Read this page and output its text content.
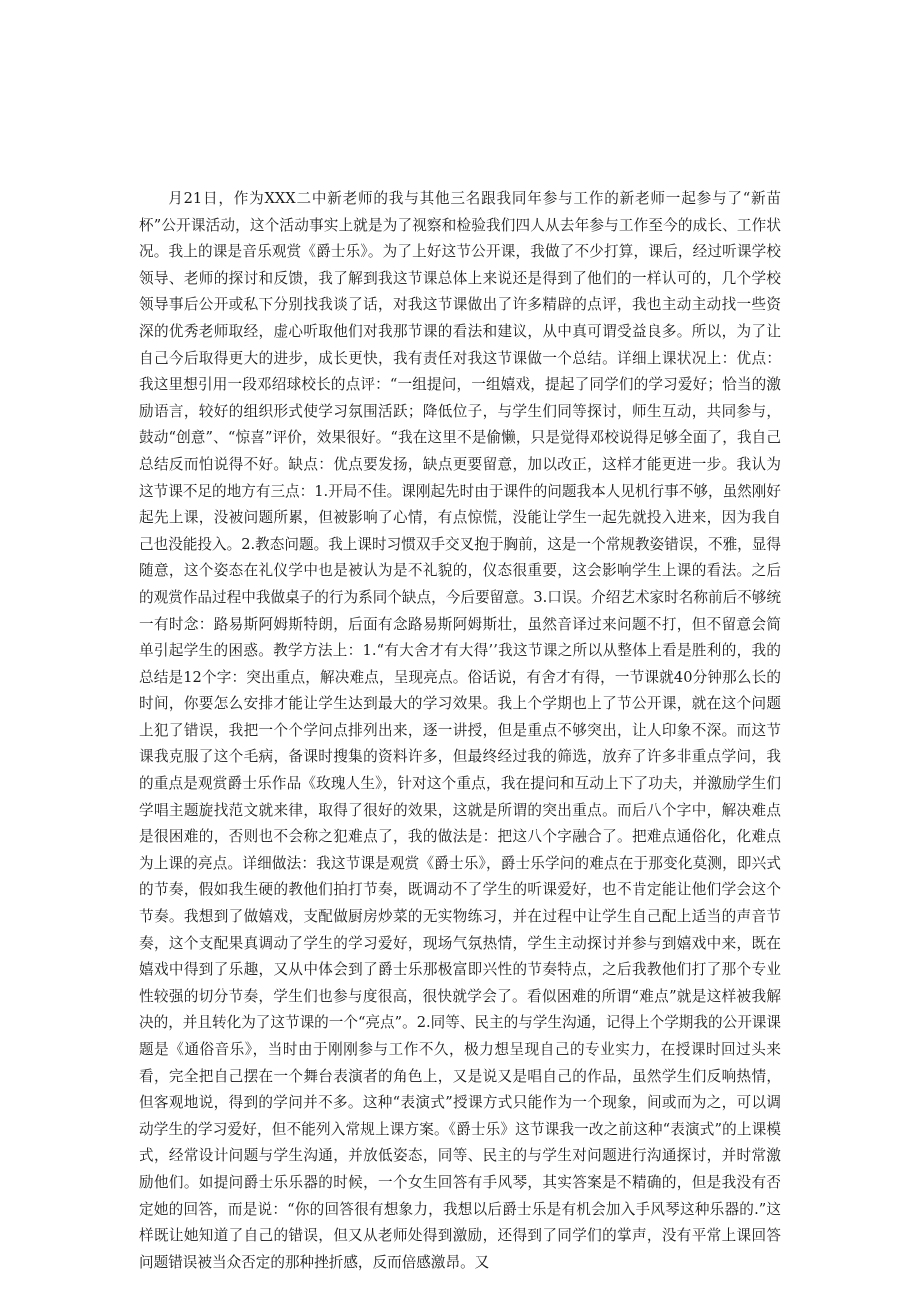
月21日，作为XXX二中新老师的我与其他三名跟我同年参与工作的新老师一起参与了“新苗杯”公开课活动，这个活动事实上就是为了视察和检验我们四人从去年参与工作至今的成长、工作状况。我上的课是音乐观赏《爵士乐》。为了上好这节公开课，我做了不少打算，课后，经过听课学校领导、老师的探讨和反馈，我了解到我这节课总体上来说还是得到了他们的一样认可的，几个学校领导事后公开或私下分别找我谈了话，对我这节课做出了许多精辟的点评，我也主动主动找一些资深的优秀老师取经，虚心听取他们对我那节课的看法和建议，从中真可谓受益良多。所以，为了让自己今后取得更大的进步，成长更快，我有责任对我这节课做一个总结。详细上课状况上：优点：我这里想引用一段邓绍球校长的点评：“一组提问，一组嬉戏，提起了同学们的学习爱好；恰当的激励语言，较好的组织形式使学习氛围活跃；降低位子，与学生们同等探讨，师生互动，共同参与，鼓动“创意”、“惊喜”评价，效果很好。“我在这里不是偷懒，只是觉得邓校说得足够全面了，我自己总结反而怕说得不好。缺点：优点要发扬，缺点更要留意，加以改正，这样才能更进一步。我认为这节课不足的地方有三点：1.开局不佳。课刚起先时由于课件的问题我本人见机行事不够，虽然刚好起先上课，没被问题所累，但被影响了心情，有点惊慌，没能让学生一起先就投入进来，因为我自己也没能投入。2.教态问题。我上课时习惯双手交叉抱于胸前，这是一个常规教姿错误，不雅，显得随意，这个姿态在礼仪学中也是被认为是不礼貌的，仪态很重要，这会影响学生上课的看法。之后的观赏作品过程中我做桌子的行为系同个缺点，今后要留意。3.口误。介绍艺术家时名称前后不够统一有时念：路易斯阿姆斯特朗，后面有念路易斯阿姆斯壮，虽然音译过来问题不打，但不留意会简单引起学生的困惑。教学方法上：1.“有大舍才有大得’’我这节课之所以从整体上看是胜利的，我的总结是12个字：突出重点，解决难点，呈现亮点。俗话说，有舍才有得，一节课就40分钟那么长的时间，你要怎么安排才能让学生达到最大的学习效果。我上个学期也上了节公开课，就在这个问题上犯了错误，我把一个个学问点排列出来，逐一讲授，但是重点不够突出，让人印象不深。而这节课我克服了这个毛病，备课时搜集的资料许多，但最终经过我的筛选，放弃了许多非重点学问，我的重点是观赏爵士乐作品《玫瑰人生》，针对这个重点，我在提问和互动上下了功夫，并激励学生们学唱主题旋找范文就来律，取得了很好的效果，这就是所谓的突出重点。而后八个字中，解决难点是很困难的，否则也不会称之犯难点了，我的做法是：把这八个字融合了。把难点通俗化，化难点为上课的亮点。详细做法：我这节课是观赏《爵士乐》，爵士乐学问的难点在于那变化莫测，即兴式的节奏，假如我生硬的教他们拍打节奏，既调动不了学生的听课爱好，也不肯定能让他们学会这个节奏。我想到了做嬉戏，支配做厨房炒菜的无实物练习，并在过程中让学生自己配上适当的声音节奏，这个支配果真调动了学生的学习爱好，现场气氛热情，学生主动探讨并参与到嬉戏中来，既在嬉戏中得到了乐趣，又从中体会到了爵士乐那极富即兴性的节奏特点，之后我教他们打了那个专业性较强的切分节奏，学生们也参与度很高，很快就学会了。看似困难的所谓“难点”就是这样被我解决的，并且转化为了这节课的一个“亮点”。2.同等、民主的与学生沟通，记得上个学期我的公开课课题是《通俗音乐》，当时由于刚刚参与工作不久，极力想呈现自己的专业实力，在授课时回过头来看，完全把自己摆在一个舞台表演者的角色上，又是说又是唱自己的作品，虽然学生们反响热情，但客观地说，得到的学问并不多。这种“表演式”授课方式只能作为一个现象，间或而为之，可以调动学生的学习爱好，但不能列入常规上课方案。《爵士乐》这节课我一改之前这种“表演式”的上课模式，经常设计问题与学生沟通，并放低姿态，同等、民主的与学生对问题进行沟通探讨，并时常激励他们。如提问爵士乐乐器的时候，一个女生回答有手风琴，其实答案是不精确的，但是我没有否定她的回答，而是说：“你的回答很有想象力，我想以后爵士乐是有机会加入手风琴这种乐器的.”这样既让她知道了自己的错误，但又从老师处得到激励，还得到了同学们的掌声，没有平常上课回答问题错误被当众否定的那种挫折感，反而倍感激昂。又
